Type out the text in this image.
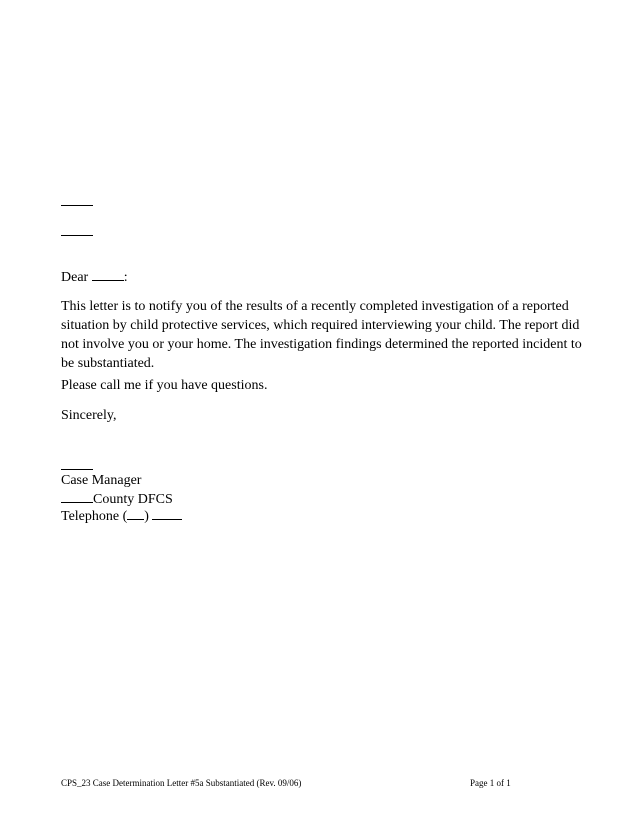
Dear :
This letter is to notify you of the results of a recently completed investigation of a reported
situation by child protective services, which required interviewing your child. The report did
not involve you or your home. The investigation findings determined the reported incident to
be substantiated.
Please call me if you have questions.
Sincerely,
Case Manager
County DFCS
Telephone ( )
CPS_23 Case Determination Letter #5a Substantiated (Rev. 09/06)	Page 1 of 1
